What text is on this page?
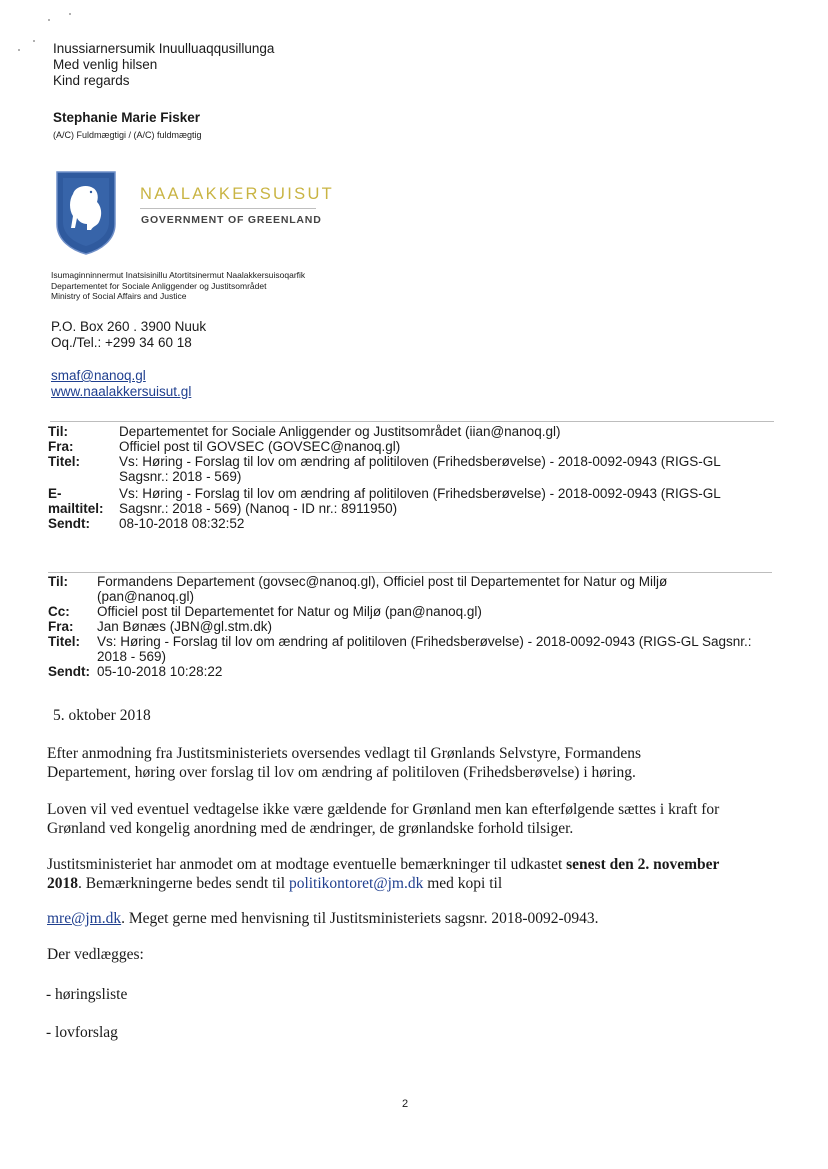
Inussiarnersumik Inuulluaqqusillunga
Med venlig hilsen
Kind regards
Stephanie Marie Fisker
(A/C) Fuldmægtigi / (A/C) fuldmægtig
NAALAKKERSUISUT
GOVERNMENT OF GREENLAND
Isumaginninnermut Inatsisinillu Atortitsinermut Naalakkersuisoqarfik
Departementet for Sociale Anliggender og Justitsområdet
Ministry of Social Affairs and Justice
P.O. Box 260 . 3900 Nuuk
Oq./Tel.: +299 34 60 18
smaf@nanoq.gl
www.naalakkersuisut.gl
Til:	Departementet for Sociale Anliggender og Justitsområdet (iian@nanoq.gl)
Fra:	Officiel post til GOVSEC (GOVSEC@nanoq.gl)
Titel:	Vs: Høring - Forslag til lov om ændring af politiloven (Frihedsberøvelse) - 2018-0092-0943 (RIGS-GL
Sagsnr.: 2018 - 569)
E-	Vs: Høring - Forslag til lov om ændring af politiloven (Frihedsberøvelse) - 2018-0092-0943 (RIGS-GL
mailtitel:	Sagsnr.: 2018 - 569) (Nanoq - ID nr.: 8911950)
Sendt:	08-10-2018 08:32:52
Til:	Formandens Departement (govsec@nanoq.gl), Officiel post til Departementet for Natur og Miljø
(pan@nanoq.gl)
Cc:	Officiel post til Departementet for Natur og Miljø (pan@nanoq.gl)
Fra:	Jan Bønæs (JBN@gl.stm.dk)
Titel:	Vs: Høring - Forslag til lov om ændring af politiloven (Frihedsberøvelse) - 2018-0092-0943 (RIGS-GL Sagsnr.:
2018 - 569)
Sendt: 05-10-2018 10:28:22
5. oktober 2018
Efter anmodning fra Justitsministeriets oversendes vedlagt til Grønlands Selvstyre, Formandens
Departement, høring over forslag til lov om ændring af politiloven (Frihedsberøvelse) i høring.
Loven vil ved eventuel vedtagelse ikke være gældende for Grønland men kan efterfølgende sættes i kraft for
Grønland ved kongelig anordning med de ændringer, de grønlandske forhold tilsiger.
Justitsministeriet har anmodet om at modtage eventuelle bemærkninger til udkastet senest den 2. november
2018. Bemærkningerne bedes sendt til politikontoret@jm.dk med kopi til
mre@jm.dk. Meget gerne med henvisning til Justitsministeriets sagsnr. 2018-0092-0943.
Der vedlægges:
- høringsliste
- lovforslag
2
